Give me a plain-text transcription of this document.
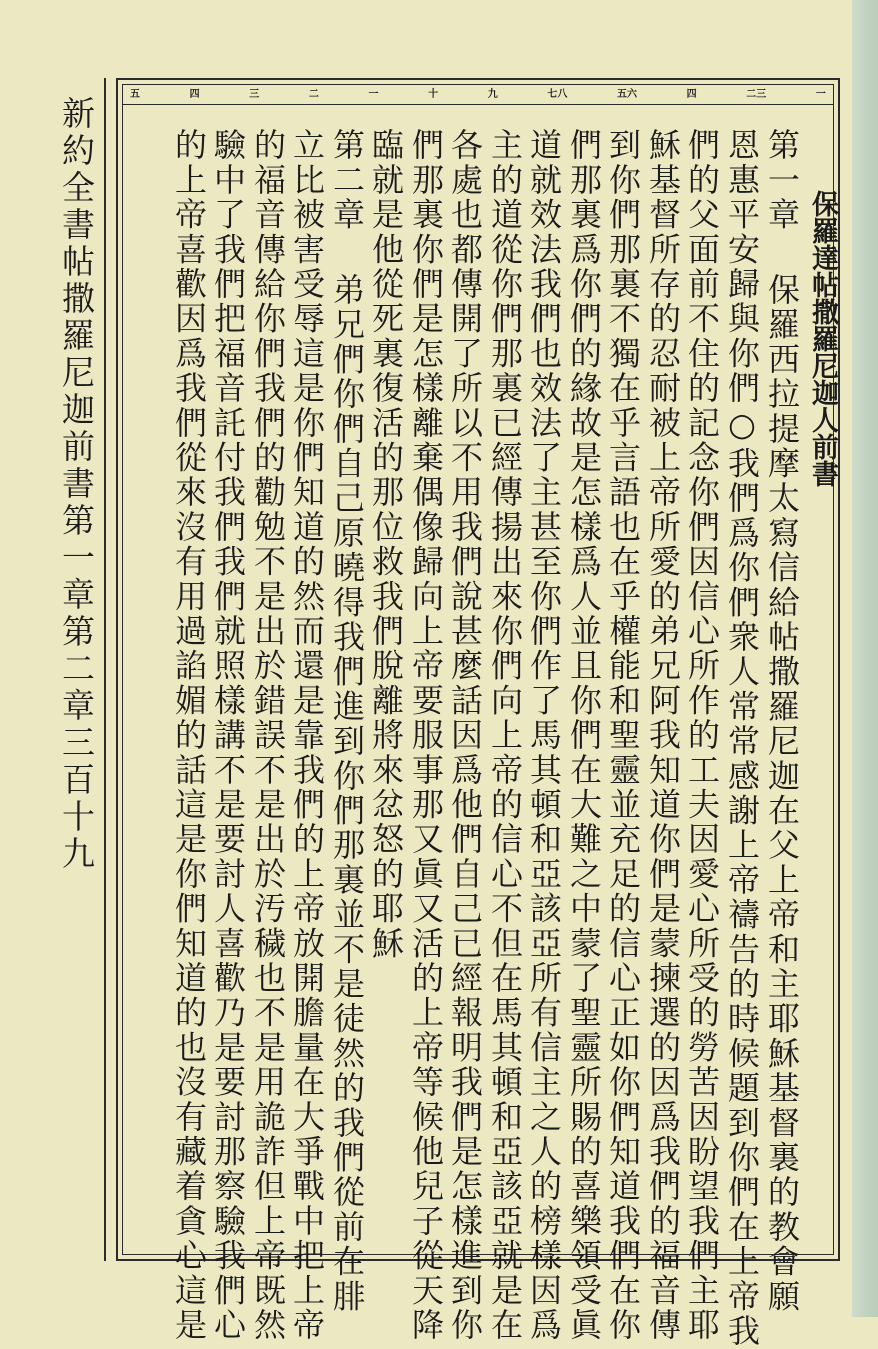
一
二三
四
五六
七八
九
十
一
二
三
四
五
保羅達帖撒羅尼迦人前書
第一章 保羅西拉提摩太寫信給帖撒羅尼迦在父上帝和主耶穌基督裏的教會願
恩惠平安歸與你們○我們爲你們衆人常常感謝上帝禱告的時候題到你們在上帝我
們的父面前不住的記念你們因信心所作的工夫因愛心所受的勞苦因盼望我們主耶
穌基督所存的忍耐被上帝所愛的弟兄阿我知道你們是蒙揀選的因爲我們的福音傳
到你們那裏不獨在乎言語也在乎權能和聖靈並充足的信心正如你們知道我們在你
們那裏爲你們的緣故是怎樣爲人並且你們在大難之中蒙了聖靈所賜的喜樂領受眞
道就效法我們也效法了主甚至你們作了馬其頓和亞該亞所有信主之人的榜樣因爲
主的道從你們那裏已經傳揚出來你們向上帝的信心不但在馬其頓和亞該亞就是在
各處也都傳開了所以不用我們說甚麼話因爲他們自己已經報明我們是怎樣進到你
們那裏你們是怎樣離棄偶像歸向上帝要服事那又眞又活的上帝等候他兒子從天降
臨就是他從死裏復活的那位救我們脫離將來忿怒的耶穌
第二章 弟兄們你們自己原曉得我們進到你們那裏並不是徒然的我們從前在腓
立比被害受辱這是你們知道的然而還是靠我們的上帝放開膽量在大爭戰中把上帝
的福音傳給你們我們的勸勉不是出於錯誤不是出於汚穢也不是用詭詐但上帝既然
驗中了我們把福音託付我們我們就照樣講不是要討人喜歡乃是要討那察驗我們心
的上帝喜歡因爲我們從來沒有用過諂媚的話這是你們知道的也沒有藏着貪心這是
新約全書帖撒羅尼迦前書第一章第二章三百十九
